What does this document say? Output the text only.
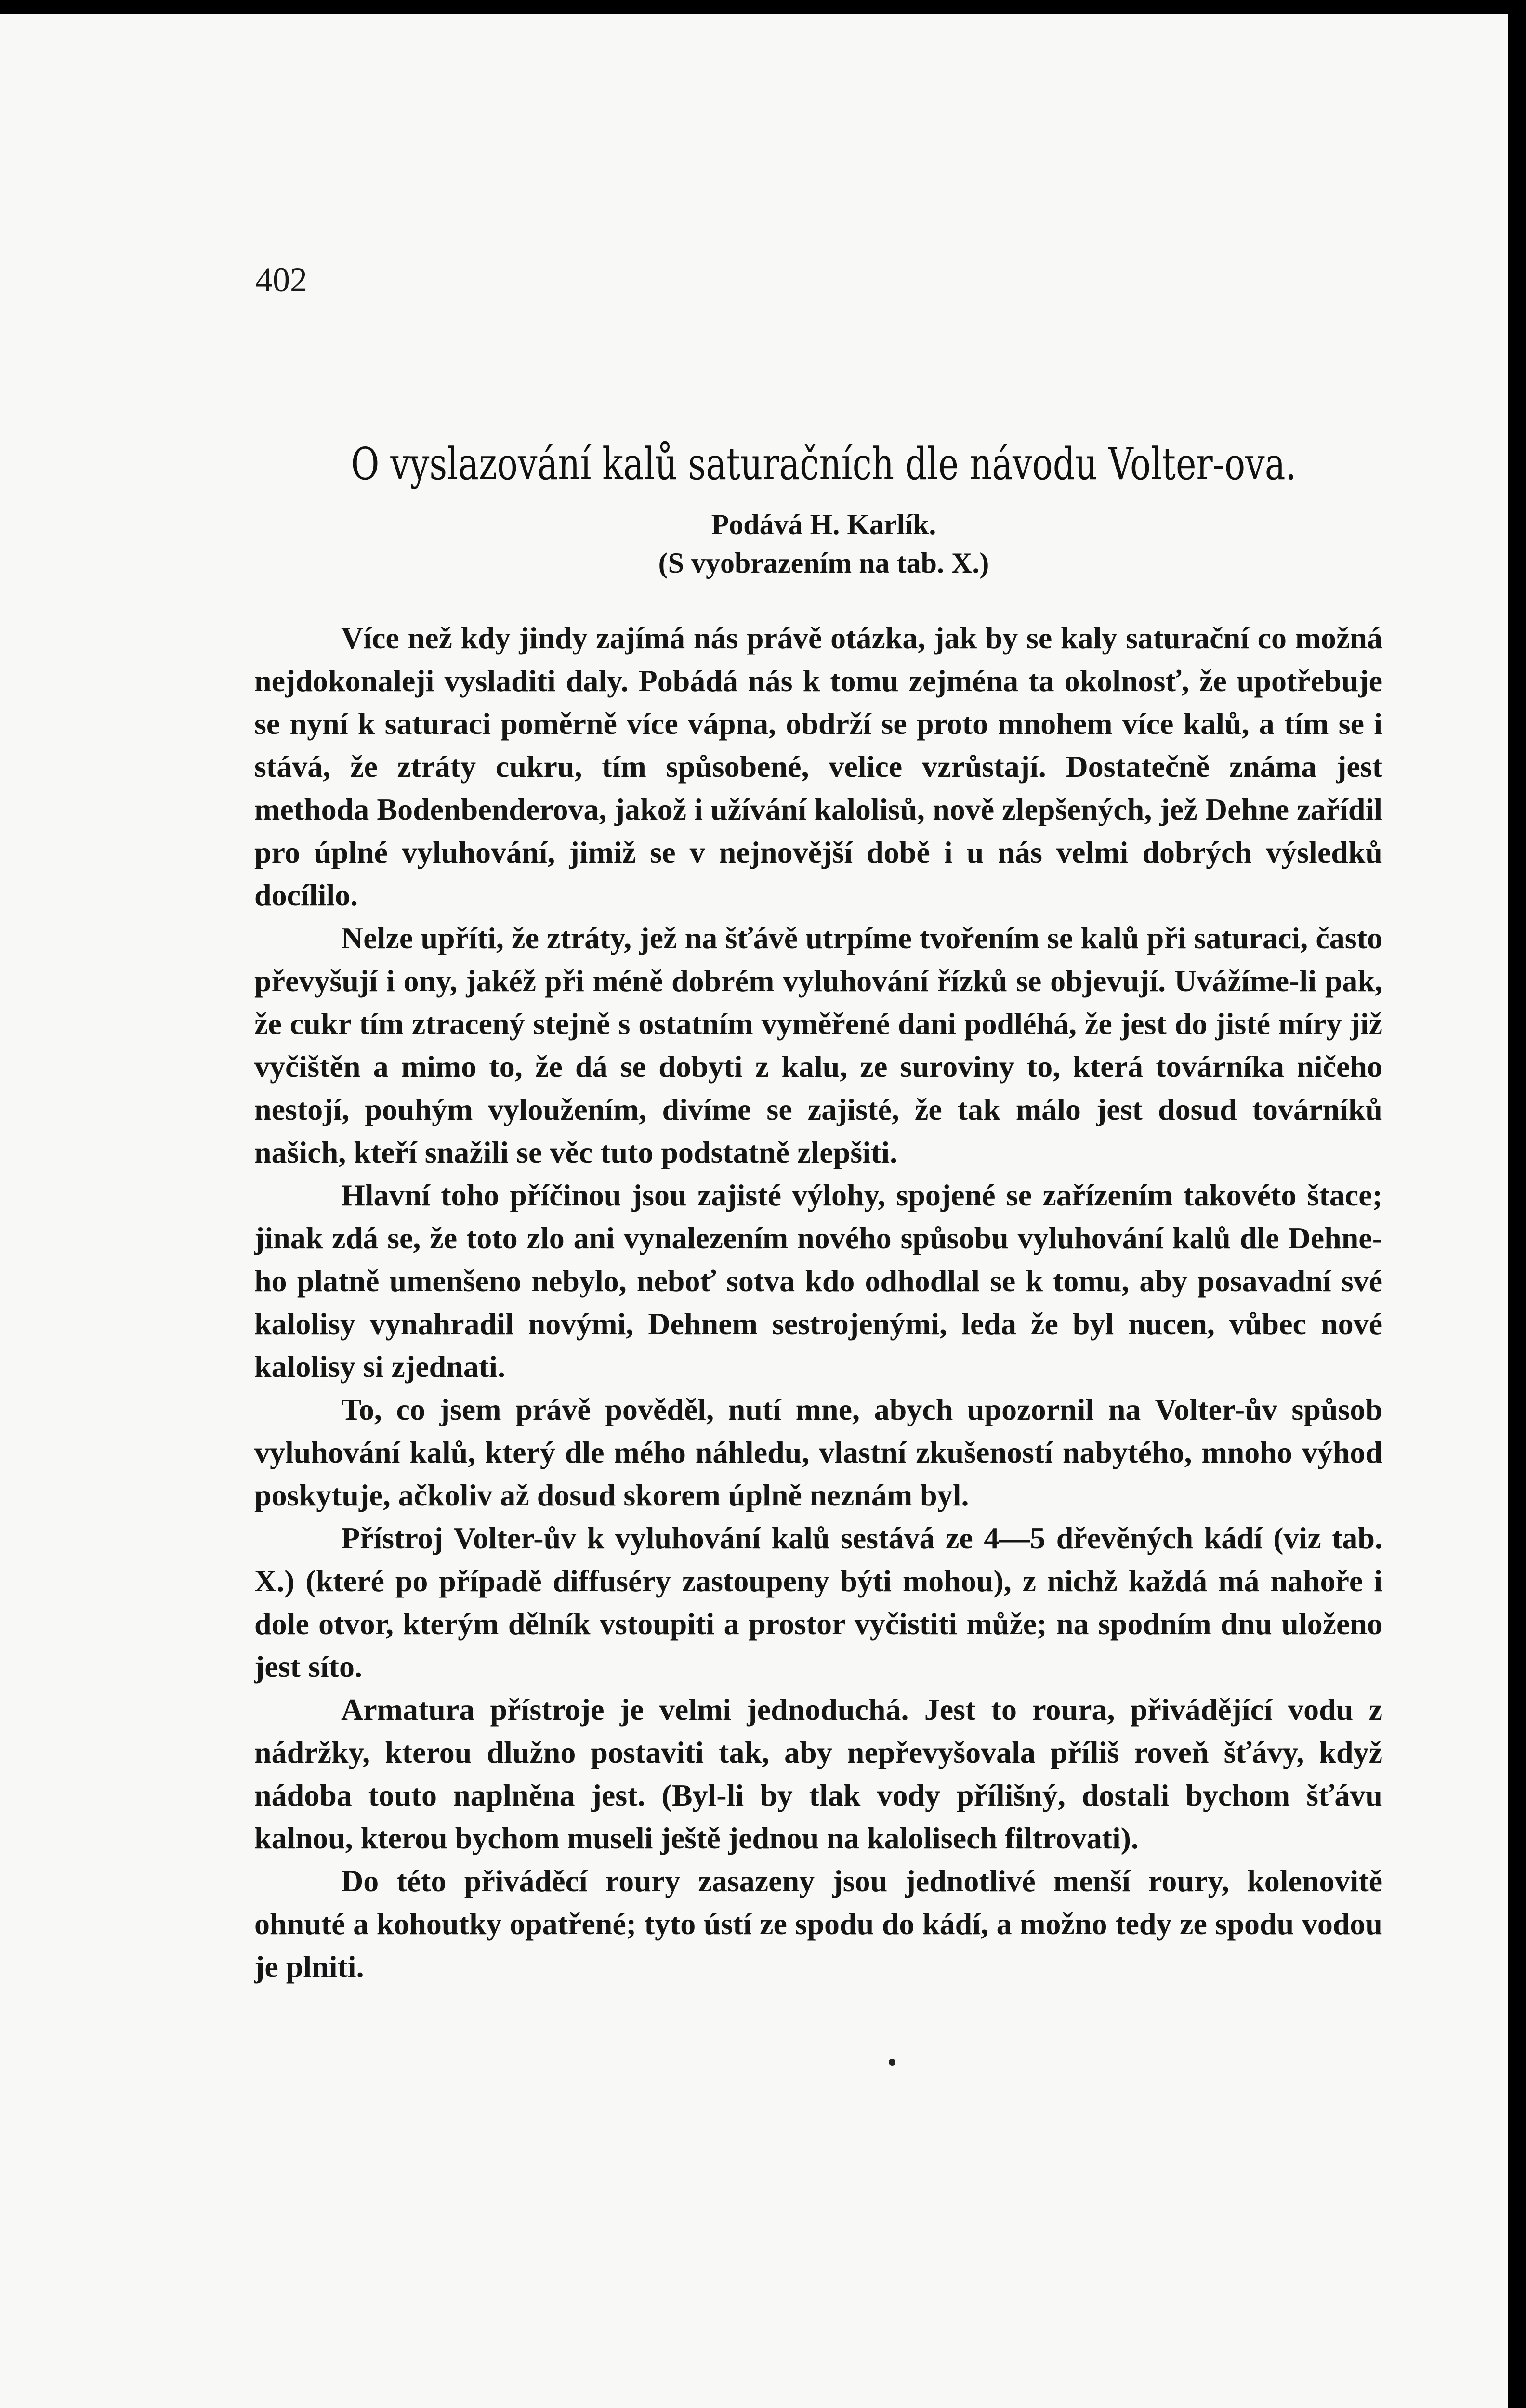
402

O vyslazování kalů saturačních dle návodu Volter-ova.

Podává H. Karlík.

(S vyobrazením na tab. X.)

Více než kdy jindy zajímá nás právě otázka, jak by se kaly saturační co možná nejdokonaleji vysladiti daly. Pobádá nás k tomu zejména ta okolnosť, že upotřebuje se nyní k saturaci poměrně více vápna, obdrží se proto mnohem více kalů, a tím se i stává, že ztráty cukru, tím spůsobené, velice vzrůstají. Dostatečně známa jest methoda Bodenbenderova, jakož i užívání kalolisů, nově zlepšených, jež Dehne zařídil pro úplné vyluhování, jimiž se v nejnovější době i u nás velmi dobrých výsledků docílilo.

Nelze upříti, že ztráty, jež na šťávě utrpíme tvořením se kalů při saturaci, často převyšují i ony, jakéž při méně dobrém vyluhování řízků se objevují. Uvážíme-li pak, že cukr tím ztracený stejně s ostatním vyměřené dani podléhá, že jest do jisté míry již vyčištěn a mimo to, že dá se dobyti z kalu, ze suroviny to, která továrníka ničeho nestojí, pouhým vyloužením, divíme se zajisté, že tak málo jest dosud továrníků našich, kteří snažili se věc tuto podstatně zlepšiti.

Hlavní toho příčinou jsou zajisté výlohy, spojené se zařízením takovéto štace; jinak zdá se, že toto zlo ani vynalezením nového spůsobu vyluhování kalů dle Dehne-ho platně umenšeno nebylo, neboť sotva kdo odhodlal se k tomu, aby posavadní své kalolisy vynahradil novými, Dehnem sestrojenými, leda že byl nucen, vůbec nové kalolisy si zjednati.

To, co jsem právě pověděl, nutí mne, abych upozornil na Volter-ův spůsob vyluhování kalů, který dle mého náhledu, vlastní zkušeností nabytého, mnoho výhod poskytuje, ačkoliv až dosud skorem úplně neznám byl.

Přístroj Volter-ův k vyluhování kalů sestává ze 4—5 dřevěných kádí (viz tab. X.) (které po případě diffuséry zastoupeny býti mohou), z nichž každá má nahoře i dole otvor, kterým dělník vstoupiti a prostor vyčistiti může; na spodním dnu uloženo jest síto.

Armatura přístroje je velmi jednoduchá. Jest to roura, přivádějící vodu z nádržky, kterou dlužno postaviti tak, aby nepřevyšovala příliš roveň šťávy, když nádoba touto naplněna jest. (Byl-li by tlak vody přílišný, dostali bychom šťávu kalnou, kterou bychom museli ještě jednou na kalolisech filtrovati).

Do této přiváděcí roury zasazeny jsou jednotlivé menší roury, kolenovitě ohnuté a kohoutky opatřené; tyto ústí ze spodu do kádí, a možno tedy ze spodu vodou je plniti.
